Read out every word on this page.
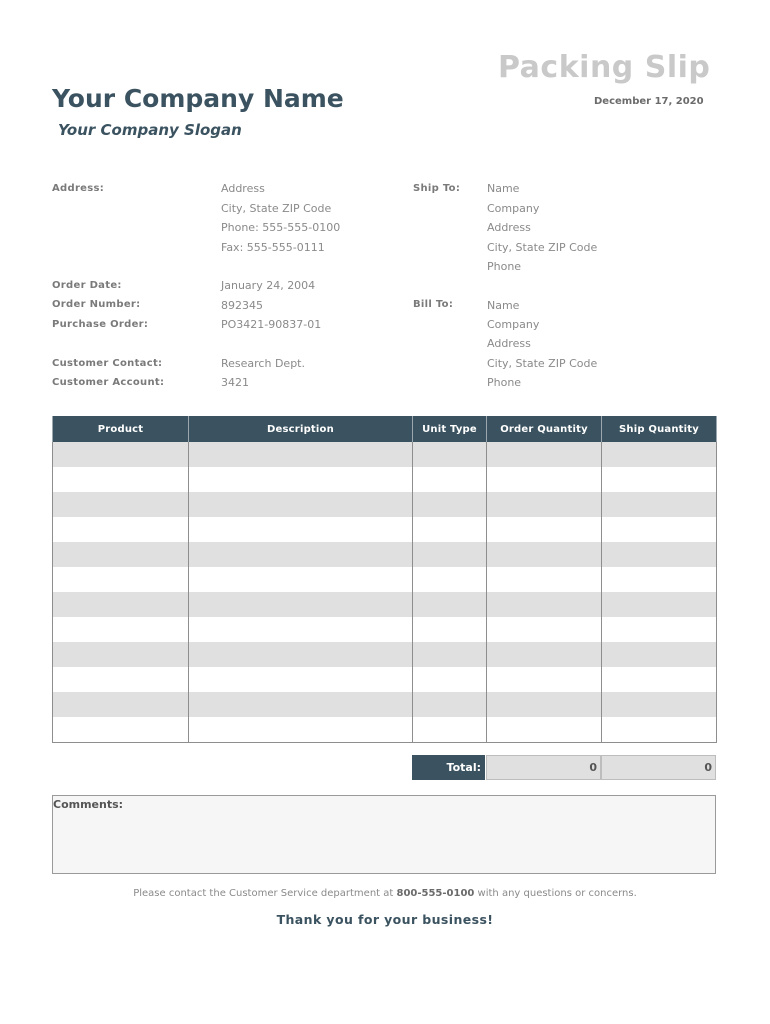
Packing Slip
Your Company Name
Your Company Slogan
December 17, 2020
Address:	Address
City, State ZIP Code
Phone: 555-555-0100
Fax: 555-555-0111
Order Date:	January 24, 2004
Order Number:	892345
Purchase Order:	PO3421-90837-01
Customer Contact:	Research Dept.
Customer Account:	3421
Ship To: Name
Company
Address
City, State ZIP Code
Phone
Bill To:	Name
Company
Address
City, State ZIP Code
Phone
Product	Description	Unit Type	Order Quantity	Ship Quantity

Total:	0	0
Comments:
Please contact the Customer Service department at 800-555-0100 with any questions or concerns.
Thank you for your business!
